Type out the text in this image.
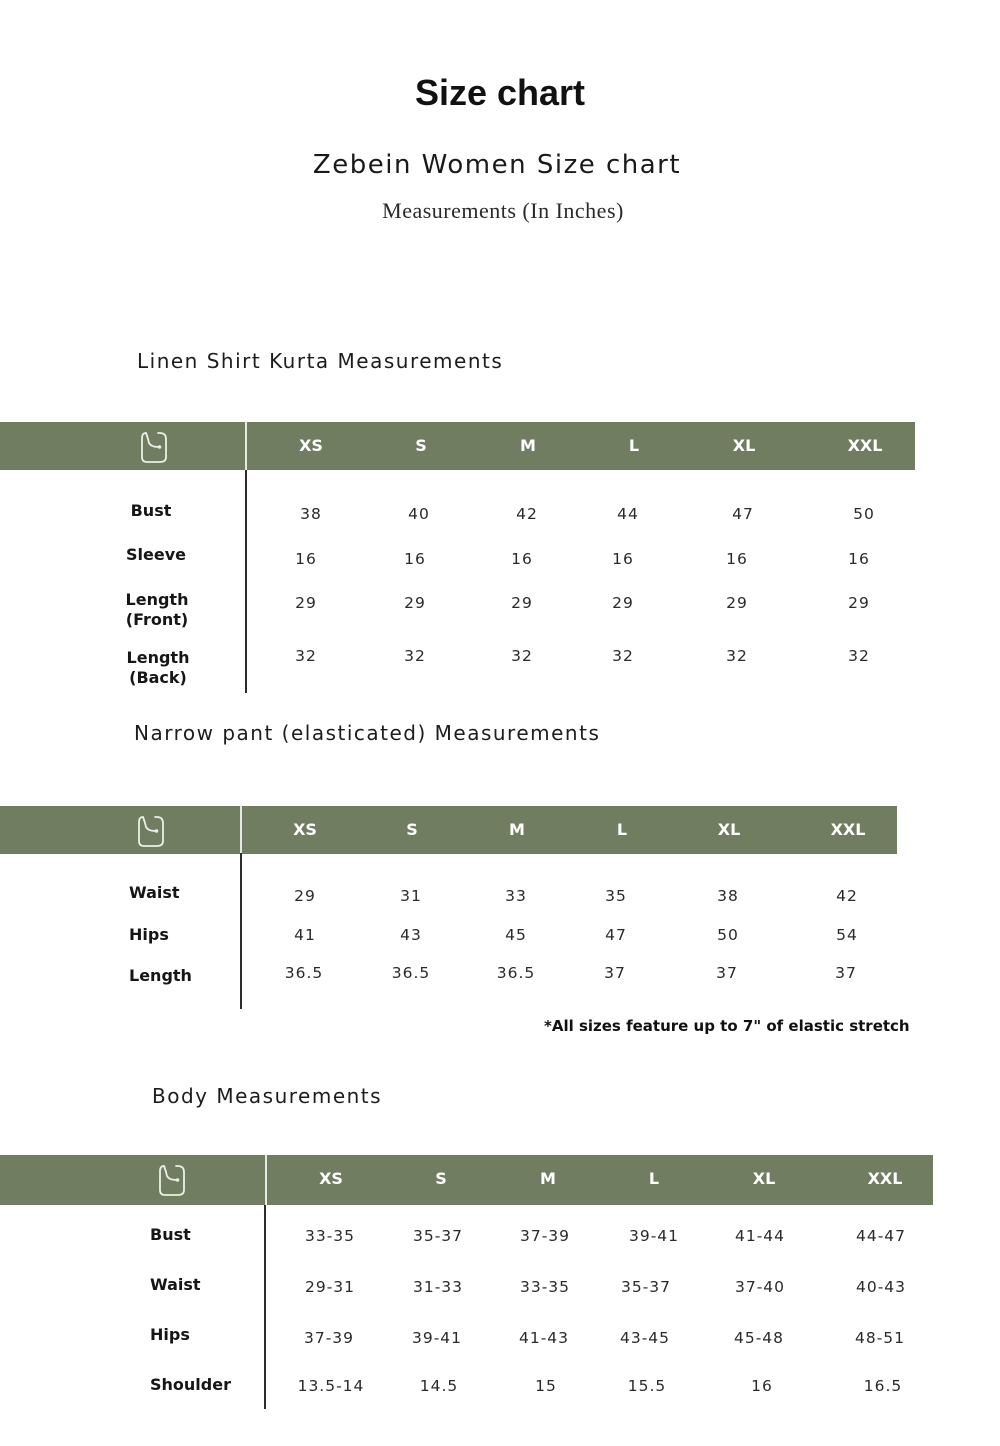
Size chart
Zebein Women Size chart
Measurements (In Inches)
Linen Shirt Kurta Measurements
XS	S	M	L	XL	XXL
Bust	38	40	42	44	47	50
Sleeve	16	16	16	16	16	16
Length
(Front)
29	29	29	29	29	29
Length
(Back)
32	32	32	32	32	32
Narrow pant (elasticated) Measurements
XS	S	M	L	XL	XXL
Waist	29	31	33	35	38	42
Hips	41	43	45	47	50	54
Length	36.5	36.5	36.5	37	37	37
*All sizes feature up to 7" of elastic stretch
Body Measurements
XS	S	M	L	XL	XXL
Bust	33-35	35-37	37-39	39-41	41-44	44-47
Waist	29-31	31-33	33-35	35-37	37-40	40-43
Hips	37-39	39-41	41-43	43-45	45-48	48-51
Shoulder	13.5-14	14.5	15	15.5	16	16.5
